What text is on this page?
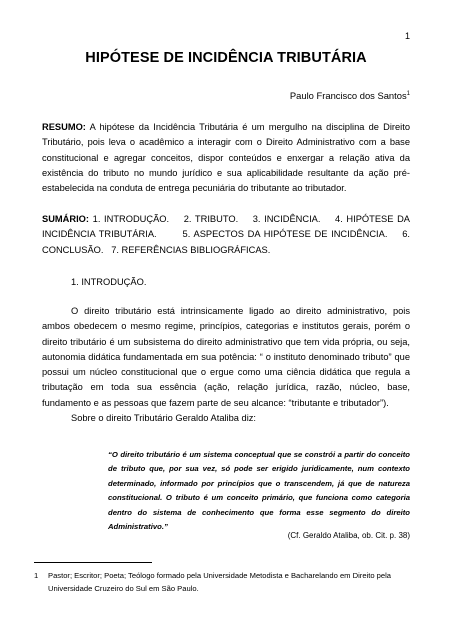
1
HIPÓTESE DE INCIDÊNCIA TRIBUTÁRIA
Paulo Francisco dos Santos$^1$
RESUMO: A hipótese da Incidência Tributária é um mergulho na disciplina de Direito Tributário, pois leva o acadêmico a interagir com o Direito Administrativo com a base constitucional e agregar conceitos, dispor conteúdos e enxergar a relação ativa da existência do tributo no mundo jurídico e sua aplicabilidade resultante da ação pré-estabelecida na conduta de entrega pecuniária do tributante ao tributador.
SUMÁRIO: 1. INTRODUÇÃO.    2. TRIBUTO.    3. INCIDÊNCIA.    4. HIPÓTESE DA INCIDÊNCIA TRIBUTÁRIA.       5. ASPECTOS DA HIPÓTESE DE INCIDÊNCIA.    6. CONCLUSÃO.   7. REFERÊNCIAS BIBLIOGRÁFICAS.
1. INTRODUÇÃO.
O direito tributário está intrinsicamente ligado ao direito administrativo, pois ambos obedecem o mesmo regime, princípios, categorias e institutos gerais, porém o direito tributário é um subsistema do direito administrativo que tem vida própria, ou seja, autonomia didática fundamentada em sua potência: “ o instituto denominado tributo” que possui um núcleo constitucional que o ergue como uma ciência didática que regula a tributação em toda sua essência (ação, relação jurídica, razão, núcleo, base, fundamento e as pessoas que fazem parte de seu alcance: “tributante e tributador”).
Sobre o direito Tributário Geraldo Ataliba diz:
“O direito tributário é um sistema conceptual que se constrói a partir do conceito de tributo que, por sua vez, só pode ser erigido juridicamente, num contexto determinado, informado por princípios que o transcendem, já que de natureza constitucional. O tributo é um conceito primário, que funciona como categoria dentro do sistema de conhecimento que forma esse segmento do direito Administrativo.”
(Cf. Geraldo Ataliba, ob. Cit. p. 38)
1 Pastor; Escritor; Poeta; Teólogo formado pela Universidade Metodista e Bacharelando em Direito pela
Universidade Cruzeiro do Sul em São Paulo.
